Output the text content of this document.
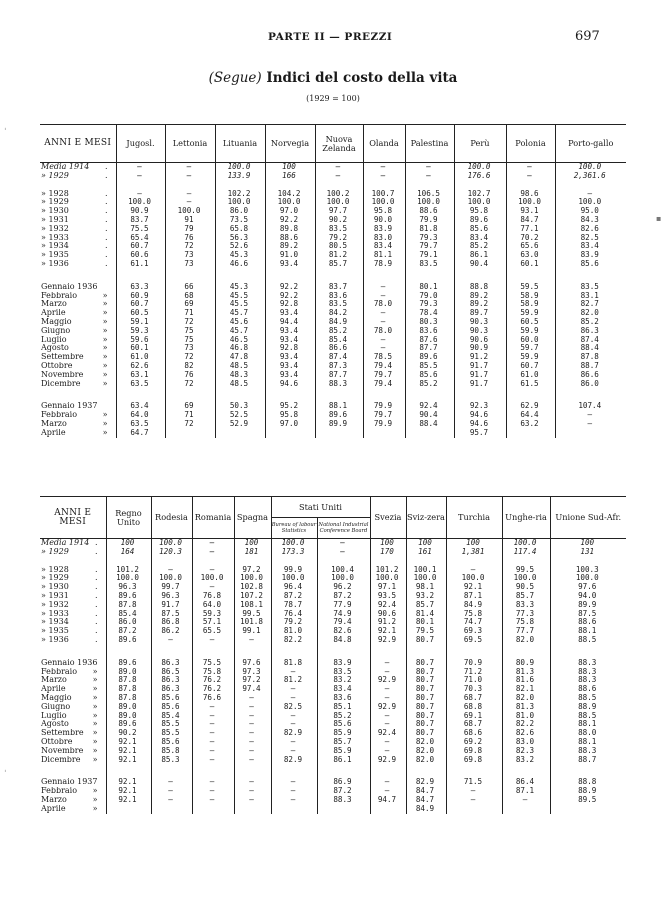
PARTE II — PREZZI	697
(Segue) Indici del costo della vita
(1929 = 100)
ANNI E MESI	Jugosl.	Lettonia	Lituania	Norvegia	Nuova Zelanda	Olanda	Palestina	Perù	Polonia	Porto-gallo

Media 1914 .	—	—	100.0	100	—	—	—	100.0	—	100.0

» 1929 .	—	—	133.9	166	—	—	—	176.6	—	2,361.6

» 1928 .	—	—	102.2	104.2	100.2	100.7	106.5	102.7	98.6	—

» 1929 .	100.0	—	100.0	100.0	100.0	100.0	100.0	100.0	100.0	100.0

» 1930 .	90.9	100.0	86.0	97.0	97.7	95.8	88.6	95.8	93.1	95.0

» 1931 .	83.7	91	73.5	92.2	90.2	90.0	79.9	89.6	84.7	84.3

» 1932 .	75.5	79	65.8	89.8	83.5	83.9	81.8	85.6	77.1	82.6

» 1933 .	65.4	76	56.3	88.6	79.2	83.0	79.3	83.4	70.2	82.5

» 1934 .	60.7	72	52.6	89.2	80.5	83.4	79.7	85.2	65.6	83.4

» 1935 .	60.6	73	45.3	91.0	81.2	81.1	79.1	86.1	63.0	83.9

» 1936 .	61.1	73	46.6	93.4	85.7	78.9	83.5	90.4	60.1	85.6

Gennaio 1936	63.3	66	45.3	92.2	83.7	—	80.1	88.8	59.5	83.5

Febbraio »	60.9	68	45.5	92.2	83.6	—	79.0	89.2	58.9	83.1

Marzo »	60.7	69	45.5	92.8	83.5	78.0	79.3	89.2	58.9	82.7

Aprile »	60.5	71	45.7	93.4	84.2	—	78.4	89.7	59.9	82.0

Maggio »	59.1	72	45.6	94.4	84.9	—	80.3	90.3	60.5	85.2

Giugno »	59.3	75	45.7	93.4	85.2	78.0	83.6	90.3	59.9	86.3

Luglio »	59.6	75	46.5	93.4	85.4	—	87.6	90.6	60.0	87.4

Agosto »	60.1	73	46.8	92.8	86.6	—	87.7	90.9	59.7	88.4

Settembre »	61.0	72	47.8	93.4	87.4	78.5	89.6	91.2	59.9	87.8

Ottobre »	62.6	82	48.5	93.4	87.3	79.4	85.5	91.7	60.7	88.7

Novembre »	63.1	76	48.3	93.4	87.7	79.7	85.6	91.7	61.0	86.6

Dicembre »	63.5	72	48.5	94.6	88.3	79.4	85.2	91.7	61.5	86.0

Gennaio 1937	63.4	69	50.3	95.2	88.1	79.9	92.4	92.3	62.9	107.4

Febbraio »	64.0	71	52.5	95.8	89.6	79.7	90.4	94.6	64.4	—

Marzo »	63.5	72	52.9	97.0	89.9	79.9	88.4	94.6	63.2	—

Aprile »	64.7							95.7		
ANNI E MESI	Regno Unito	Rodesia	Romania	Spagna	Stati Uniti		Svezia	Sviz-zera	Turchia	Unghe-ria	Unione Sud-Afr.
					Bureau of labour Statistics	National Industrial Conference Board					

Media 1914 .	100	100.0	—	100	100.0	—	100	100	100	100.0	100

» 1929 .	164	120.3	—	181	173.3	—	170	161	1,381	117.4	131

» 1928 .	101.2	—	—	97.2	99.9	100.4	101.2	100.1	—	99.5	100.3

» 1929 .	100.0	100.0	100.0	100.0	100.0	100.0	100.0	100.0	100.0	100.0	100.0

» 1930 .	96.3	99.7	—	102.8	96.4	96.2	97.1	98.1	92.1	90.5	97.6

» 1931 .	89.6	96.3	76.8	107.2	87.2	87.2	93.5	93.2	87.1	85.7	94.0

» 1932 .	87.8	91.7	64.0	108.1	78.7	77.9	92.4	85.7	84.9	83.3	89.9

» 1933 .	85.4	87.5	59.3	99.5	76.4	74.9	90.6	81.4	75.8	77.3	87.5

» 1934 .	86.0	86.8	57.1	101.8	79.2	79.4	91.2	80.1	74.7	75.8	88.6

» 1935 .	87.2	86.2	65.5	99.1	81.0	82.6	92.1	79.5	69.3	77.7	88.1

» 1936 .	89.6	—	—	—	82.2	84.8	92.9	80.7	69.5	82.0	88.5

Gennaio 1936	89.6	86.3	75.5	97.6	81.8	83.9	—	80.7	70.9	80.9	88.3

Febbraio »	89.0	86.5	75.8	97.3	—	83.5	—	80.7	71.2	81.3	88.3

Marzo »	87.8	86.3	76.2	97.2	81.2	83.2	92.9	80.7	71.0	81.6	88.3

Aprile »	87.8	86.3	76.2	97.4	—	83.4	—	80.7	70.3	82.1	88.6

Maggio »	87.8	85.6	76.6	—	—	83.6	—	80.7	68.7	82.0	88.5

Giugno »	89.0	85.6	—	—	82.5	85.1	92.9	80.7	68.8	81.3	88.9

Luglio »	89.0	85.4	—	—	—	85.2	—	80.7	69.1	81.0	88.5

Agosto »	89.6	85.5	—	—	—	85.6	—	80.7	68.7	82.2	88.1

Settembre »	90.2	85.5	—	—	82.9	85.9	92.4	80.7	68.6	82.6	88.0

Ottobre »	92.1	85.6	—	—	—	85.7	—	82.0	69.2	83.0	88.1

Novembre »	92.1	85.8	—	—	—	85.9	—	82.0	69.8	82.3	88.3

Dicembre »	92.1	85.3	—	—	82.9	86.1	92.9	82.0	69.8	83.2	88.7

Gennaio 1937	92.1	—	—	—	—	86.9	—	82.9	71.5	86.4	88.8

Febbraio »	92.1	—	—	—	—	87.2	—	84.7	—	87.1	88.9

Marzo »	92.1	—	—	—	—	88.3	94.7	84.7	—	—	89.5

Aprile »								84.9			
ˈ
ˈ
▪
